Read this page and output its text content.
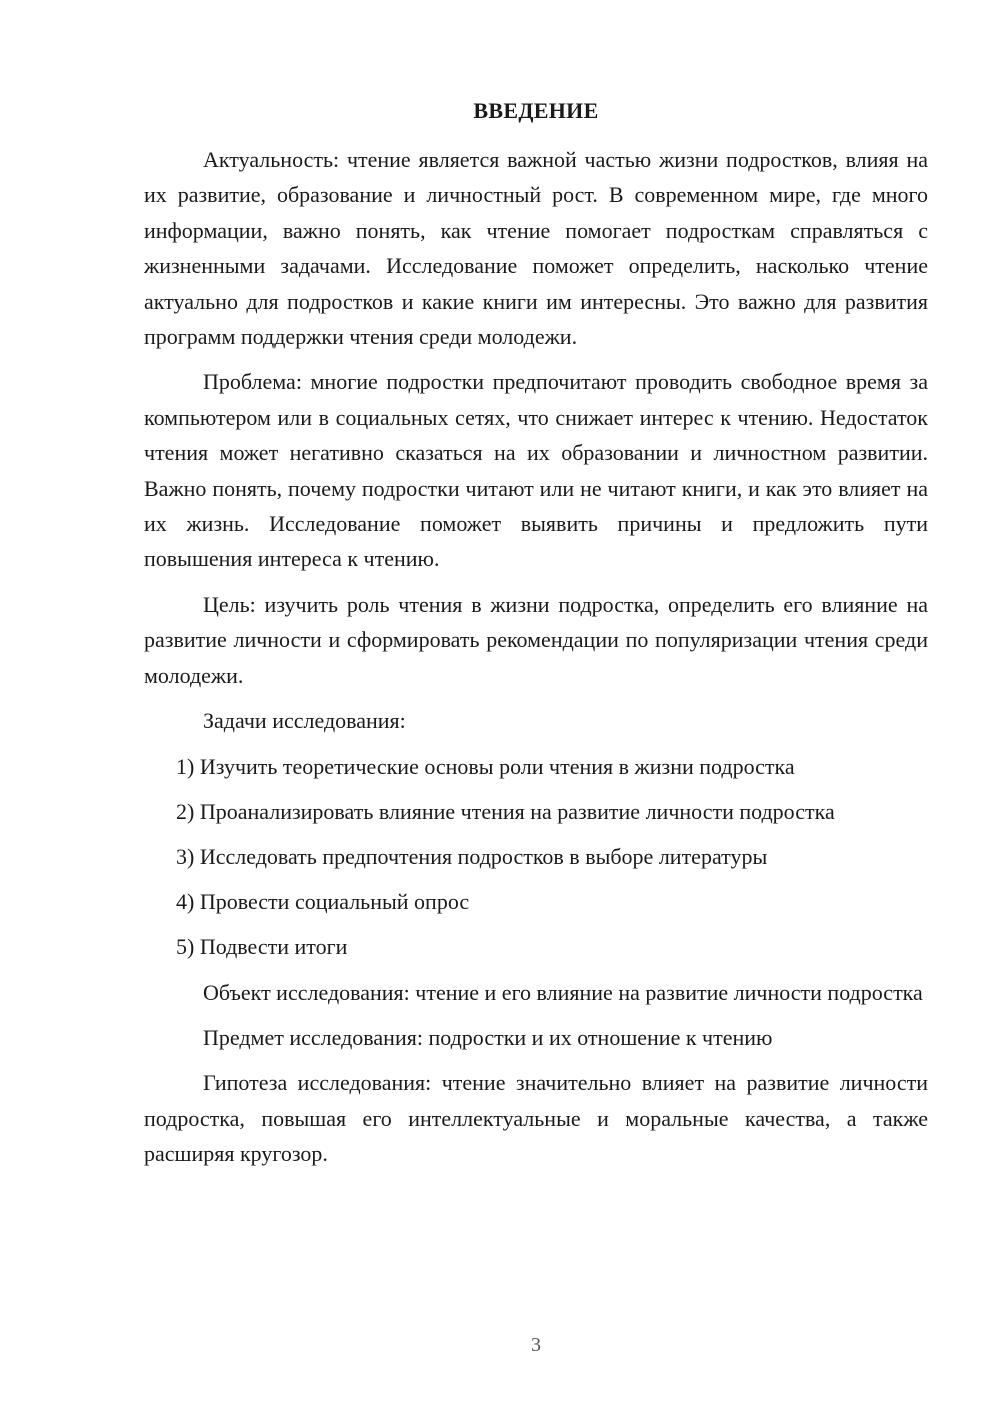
ВВЕДЕНИЕ

Актуальность: чтение является важной частью жизни подростков, влияя на их развитие, образование и личностный рост. В современном мире, где много информации, важно понять, как чтение помогает подросткам справляться с жизненными задачами. Исследование поможет определить, насколько чтение актуально для подростков и какие книги им интересны. Это важно для развития программ поддержки чтения среди молодежи.

Проблема: многие подростки предпочитают проводить свободное время за компьютером или в социальных сетях, что снижает интерес к чтению. Недостаток чтения может негативно сказаться на их образовании и личностном развитии. Важно понять, почему подростки читают или не читают книги, и как это влияет на их жизнь. Исследование поможет выявить причины и предложить пути повышения интереса к чтению.

Цель: изучить роль чтения в жизни подростка, определить его влияние на развитие личности и сформировать рекомендации по популяризации чтения среди молодежи.

Задачи исследования:

1) Изучить теоретические основы роли чтения в жизни подростка

2) Проанализировать влияние чтения на развитие личности подростка

3) Исследовать предпочтения подростков в выборе литературы

4) Провести социальный опрос

5) Подвести итоги

Объект исследования: чтение и его влияние на развитие личности подростка

Предмет исследования: подростки и их отношение к чтению

Гипотеза исследования: чтение значительно влияет на развитие личности подростка, повышая его интеллектуальные и моральные качества, а также расширяя кругозор.

3
